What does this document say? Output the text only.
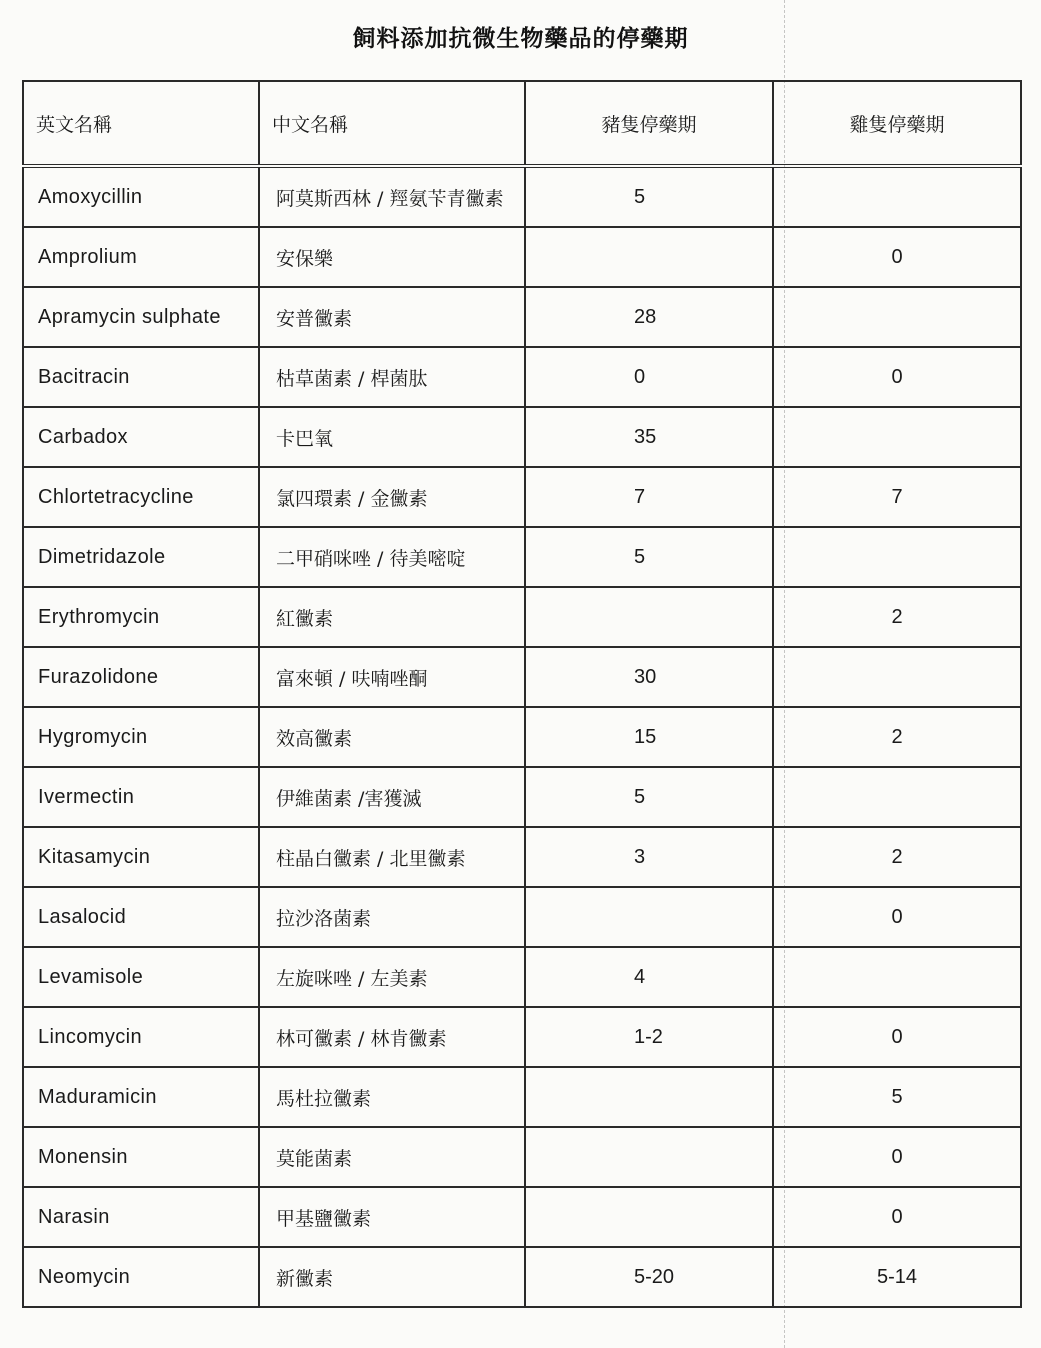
飼料添加抗微生物藥品的停藥期
英文名稱	中文名稱	豬隻停藥期	雞隻停藥期
Amoxycillin	阿莫斯西林 / 羥氨苄青黴素	5	
Amprolium	安保樂		0
Apramycin sulphate	安普黴素	28	
Bacitracin	枯草菌素 / 桿菌肽	0	0
Carbadox	卡巴氧	35	
Chlortetracycline	氯四環素 / 金黴素	7	7
Dimetridazole	二甲硝咪唑 / 待美嘧啶	5	
Erythromycin	紅黴素		2
Furazolidone	富來頓 / 呋喃唑酮	30	
Hygromycin	效高黴素	15	2
Ivermectin	伊維菌素 /害獲滅	5	
Kitasamycin	柱晶白黴素 / 北里黴素	3	2
Lasalocid	拉沙洛菌素		0
Levamisole	左旋咪唑 / 左美素	4	
Lincomycin	林可黴素 / 林肯黴素	1-2	0
Maduramicin	馬杜拉黴素		5
Monensin	莫能菌素		0
Narasin	甲基鹽黴素		0
Neomycin	新黴素	5-20	5-14
